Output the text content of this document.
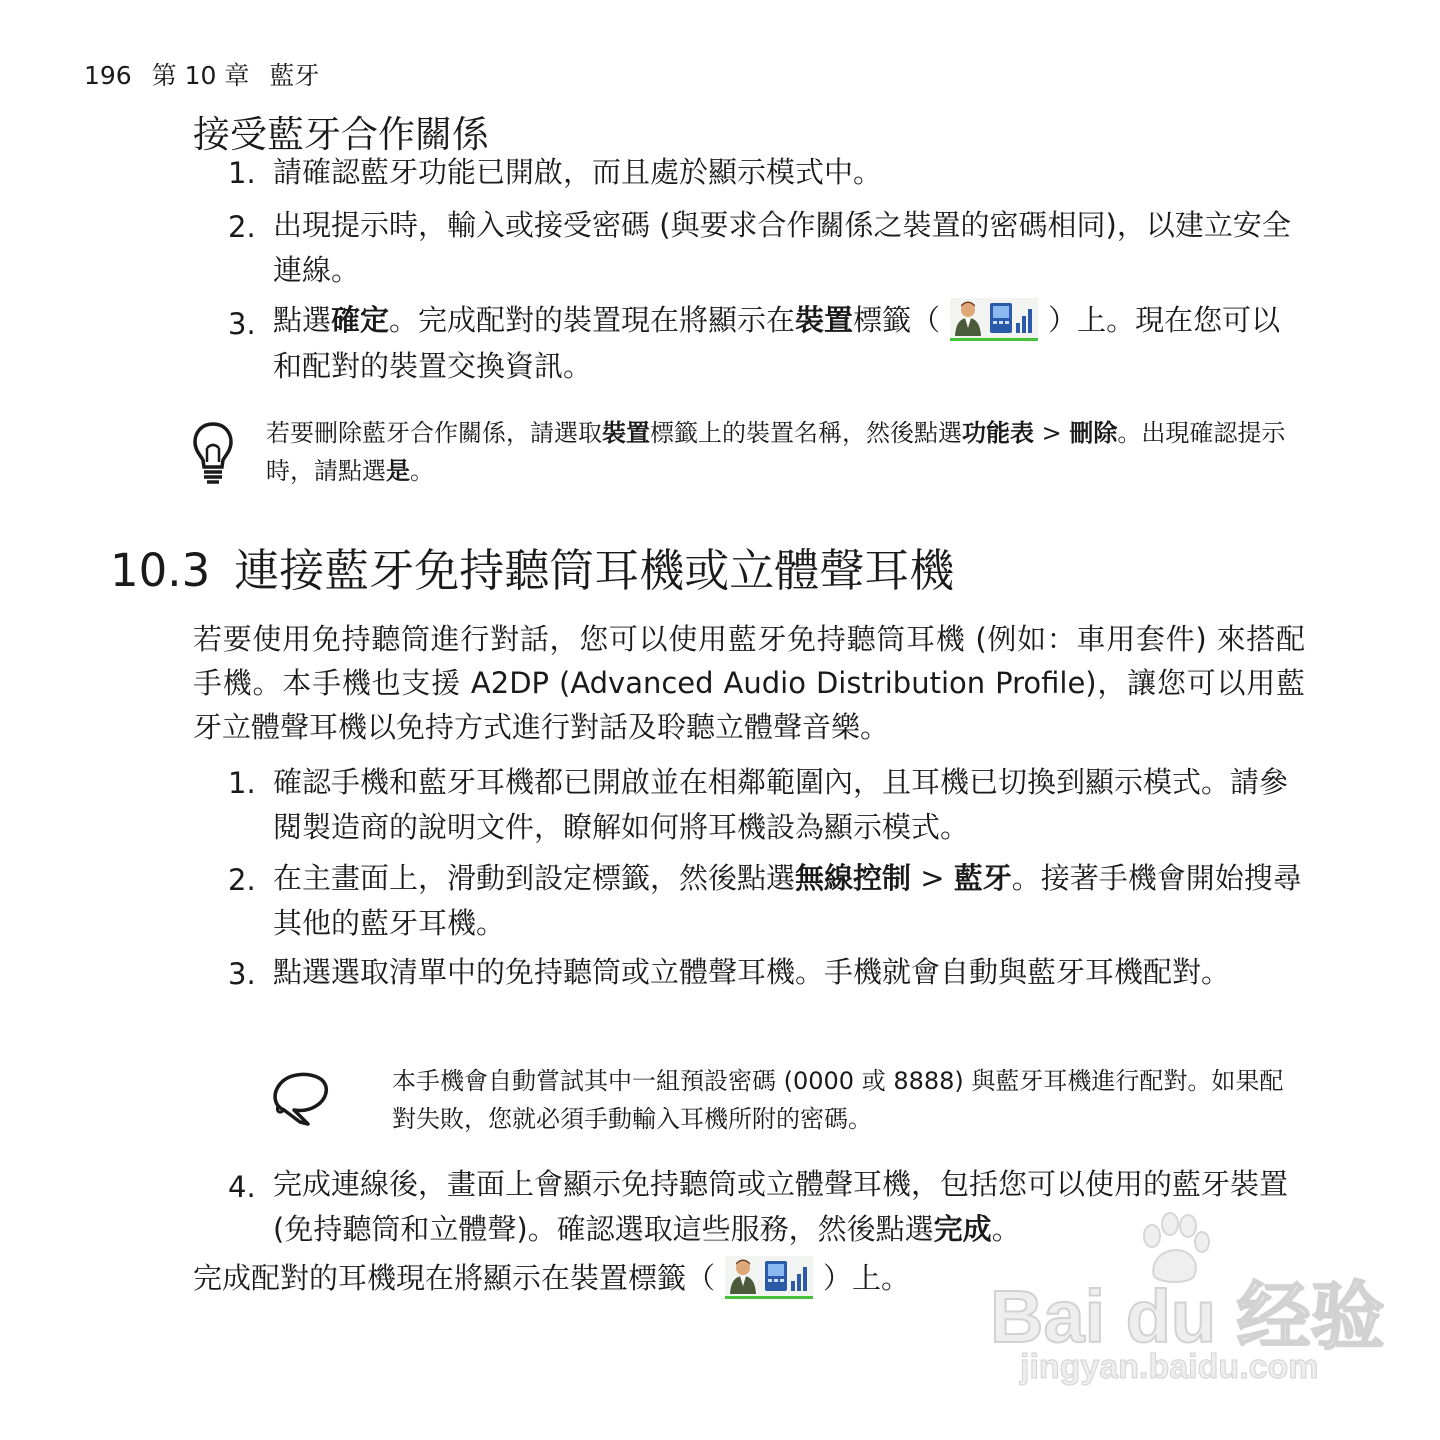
196 第 10 章 藍牙
接受藍牙合作關係
1. 請確認藍牙功能已開啟，而且處於顯示模式中。
2. 出現提示時，輸入或接受密碼 (與要求合作關係之裝置的密碼相同)，以建立安全連線。
3. 點選確定。完成配對的裝置現在將顯示在裝置標籤（	）上。現在您可以和配對的裝置交換資訊。
若要刪除藍牙合作關係，請選取裝置標籤上的裝置名稱，然後點選功能表 > 刪除。出現確認提示時，請點選是。
10.3 連接藍牙免持聽筒耳機或立體聲耳機
若要使用免持聽筒進行對話，您可以使用藍牙免持聽筒耳機 (例如：車用套件) 來搭配手機。本手機也支援 A2DP (Advanced Audio Distribution Profile)，讓您可以用藍牙立體聲耳機以免持方式進行對話及聆聽立體聲音樂。
1. 確認手機和藍牙耳機都已開啟並在相鄰範圍內，且耳機已切換到顯示模式。請參閱製造商的說明文件，瞭解如何將耳機設為顯示模式。
2. 在主畫面上，滑動到設定標籤，然後點選無線控制 > 藍牙。接著手機會開始搜尋其他的藍牙耳機。
3. 點選選取清單中的免持聽筒或立體聲耳機。手機就會自動與藍牙耳機配對。
本手機會自動嘗試其中一組預設密碼 (0000 或 8888) 與藍牙耳機進行配對。如果配對失敗，您就必須手動輸入耳機所附的密碼。
4. 完成連線後，畫面上會顯示免持聽筒或立體聲耳機，包括您可以使用的藍牙裝置 (免持聽筒和立體聲)。確認選取這些服務，然後點選完成。
完成配對的耳機現在將顯示在裝置標籤（	）上。	Bai du 经验
jingyan.baidu.com
